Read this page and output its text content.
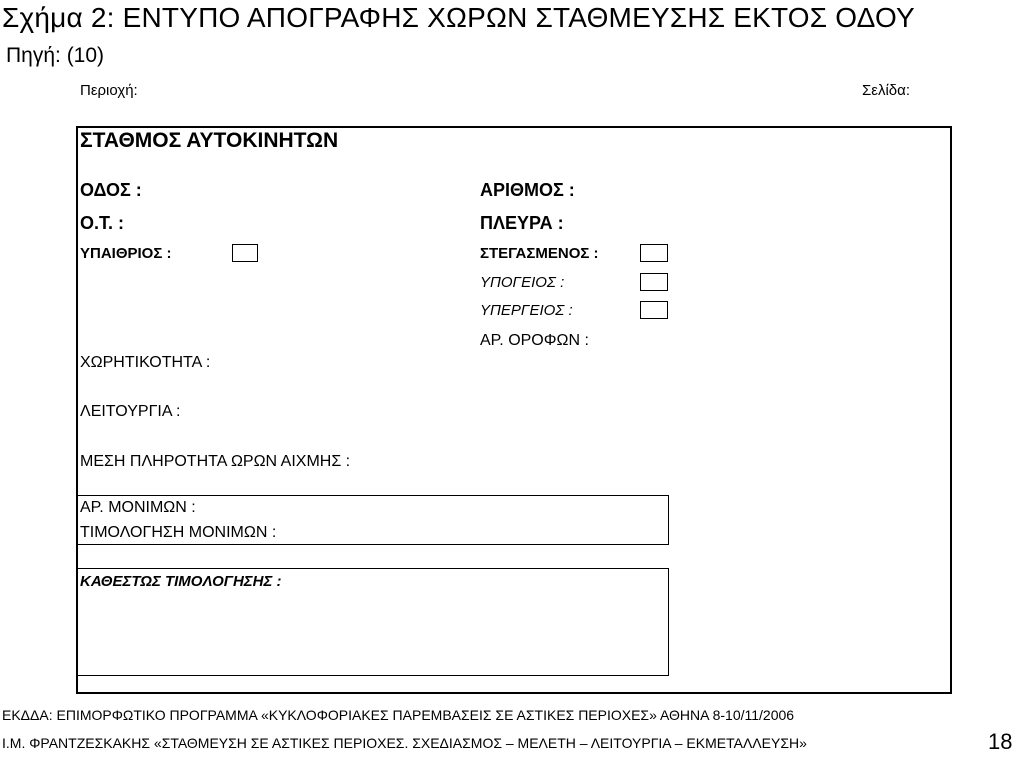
Σχήμα 2: ΕΝΤΥΠΟ ΑΠΟΓΡΑΦΗΣ ΧΩΡΩΝ ΣΤΑΘΜΕΥΣΗΣ ΕΚΤΟΣ ΟΔΟΥ
Πηγή: (10)
Περιοχή:	Σελίδα:
ΣΤΑΘΜΟΣ ΑΥΤΟΚΙΝΗΤΩΝ
ΟΔΟΣ :	ΑΡΙΘΜΟΣ :
Ο.Τ. :	ΠΛΕΥΡΑ :
ΥΠΑΙΘΡΙΟΣ :	ΣΤΕΓΑΣΜΕΝΟΣ :
ΥΠΟΓΕΙΟΣ :
ΥΠΕΡΓΕΙΟΣ :
ΑΡ. ΟΡΟΦΩΝ :
ΧΩΡΗΤΙΚΟΤΗΤΑ :
ΛΕΙΤΟΥΡΓΙΑ :
ΜΕΣΗ ΠΛΗΡΟΤΗΤΑ ΩΡΩΝ ΑΙΧΜΗΣ :
ΑΡ. ΜΟΝΙΜΩΝ :
ΤΙΜΟΛΟΓΗΣΗ ΜΟΝΙΜΩΝ :
ΚΑΘΕΣΤΩΣ ΤΙΜΟΛΟΓΗΣΗΣ :
ΕΚΔΔΑ: ΕΠΙΜΟΡΦΩΤΙΚΟ ΠΡΟΓΡΑΜΜΑ «ΚΥΚΛΟΦΟΡΙΑΚΕΣ ΠΑΡΕΜΒΑΣΕΙΣ ΣΕ ΑΣΤΙΚΕΣ ΠΕΡΙΟΧΕΣ» ΑΘΗΝΑ 8-10/11/2006
Ι.Μ. ΦΡΑΝΤΖΕΣΚΑΚΗΣ «ΣΤΑΘΜΕΥΣΗ ΣΕ ΑΣΤΙΚΕΣ ΠΕΡΙΟΧΕΣ. ΣΧΕΔΙΑΣΜΟΣ – ΜΕΛΕΤΗ – ΛΕΙΤΟΥΡΓΙΑ – ΕΚΜΕΤΑΛΛΕΥΣΗ»	18
